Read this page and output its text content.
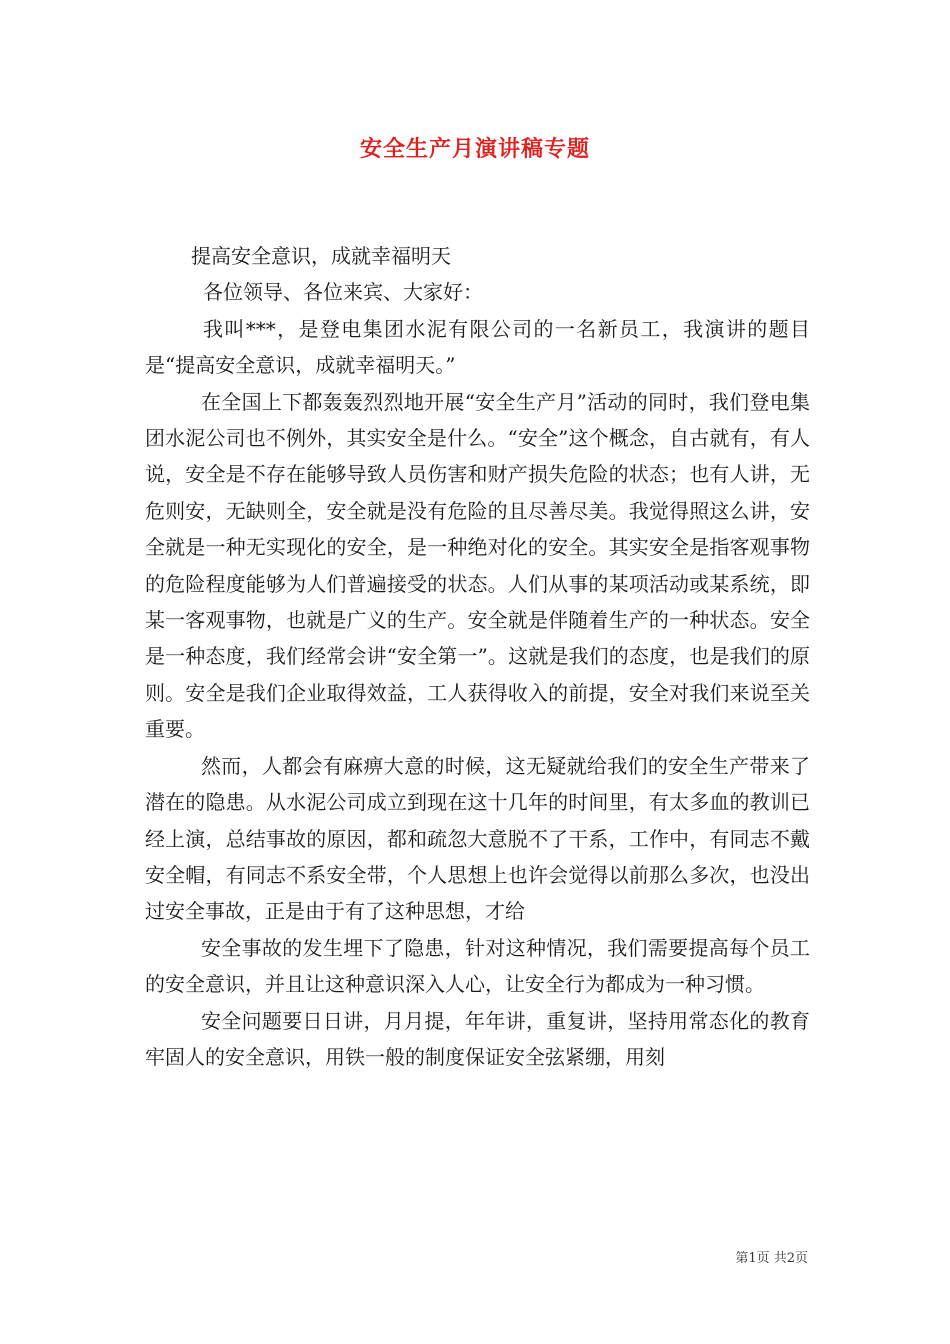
安全生产月演讲稿专题

提高安全意识，成就幸福明天

各位领导、各位来宾、大家好：

我叫***，是登电集团水泥有限公司的一名新员工，我演讲的题目是“提高安全意识，成就幸福明天。”

在全国上下都轰轰烈烈地开展“安全生产月”活动的同时，我们登电集团水泥公司也不例外，其实安全是什么。“安全”这个概念，自古就有，有人说，安全是不存在能够导致人员伤害和财产损失危险的状态；也有人讲，无危则安，无缺则全，安全就是没有危险的且尽善尽美。我觉得照这么讲，安全就是一种无实现化的安全，是一种绝对化的安全。其实安全是指客观事物的危险程度能够为人们普遍接受的状态。人们从事的某项活动或某系统，即某一客观事物，也就是广义的生产。安全就是伴随着生产的一种状态。安全是一种态度，我们经常会讲“安全第一”。这就是我们的态度，也是我们的原则。安全是我们企业取得效益，工人获得收入的前提，安全对我们来说至关重要。

然而，人都会有麻痹大意的时候，这无疑就给我们的安全生产带来了潜在的隐患。从水泥公司成立到现在这十几年的时间里，有太多血的教训已经上演，总结事故的原因，都和疏忽大意脱不了干系，工作中，有同志不戴安全帽，有同志不系安全带，个人思想上也许会觉得以前那么多次，也没出过安全事故，正是由于有了这种思想，才给

安全事故的发生埋下了隐患，针对这种情况，我们需要提高每个员工的安全意识，并且让这种意识深入人心，让安全行为都成为一种习惯。

安全问题要日日讲，月月提，年年讲，重复讲，坚持用常态化的教育牢固人的安全意识，用铁一般的制度保证安全弦紧绷，用刻

第1页 共2页
